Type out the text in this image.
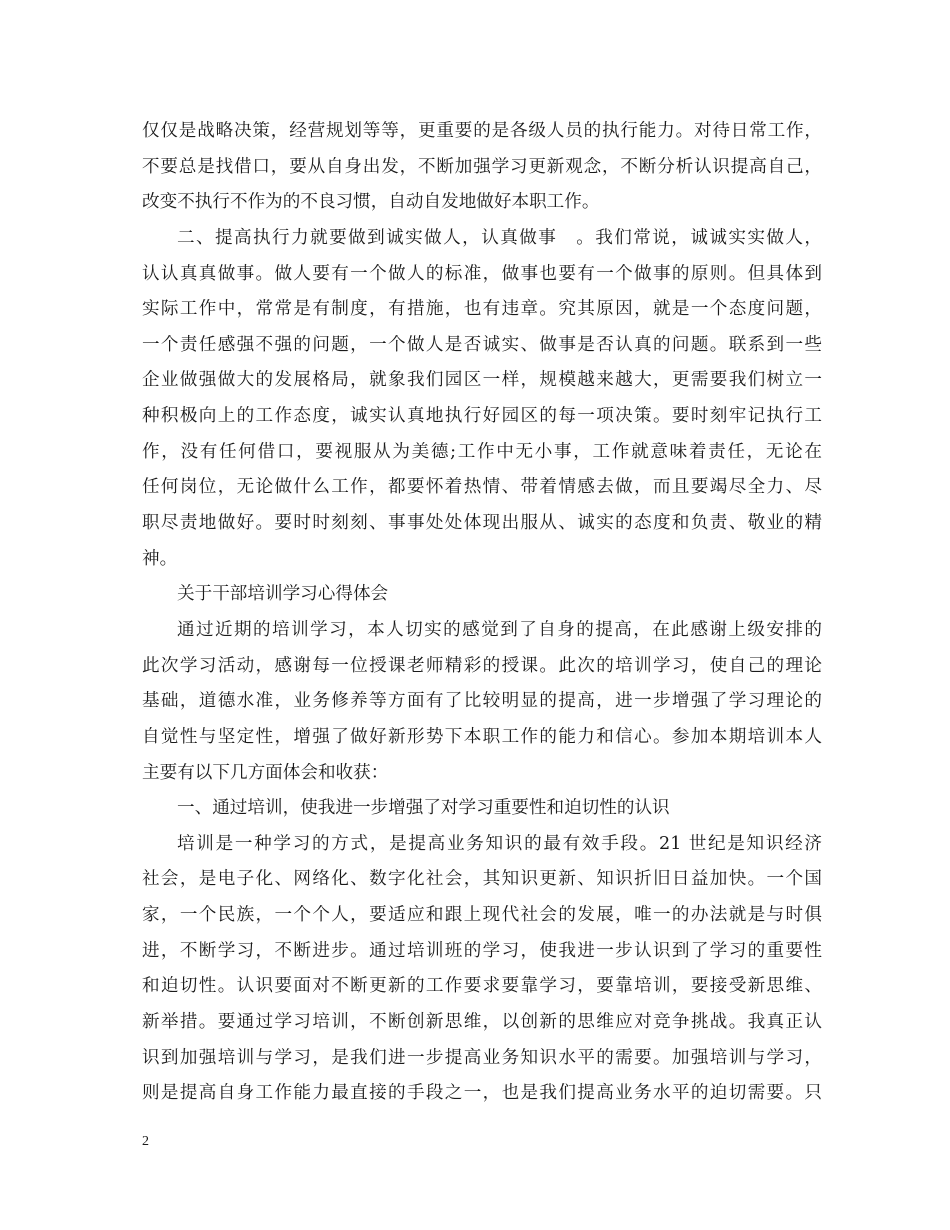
仅仅是战略决策，经营规划等等，更重要的是各级人员的执行能力。对待日常工作，
不要总是找借口，要从自身出发，不断加强学习更新观念，不断分析认识提高自己，
改变不执行不作为的不良习惯，自动自发地做好本职工作。
二、提高执行力就要做到诚实做人，认真做事　。我们常说，诚诚实实做人，
认认真真做事。做人要有一个做人的标准，做事也要有一个做事的原则。但具体到
实际工作中，常常是有制度，有措施，也有违章。究其原因，就是一个态度问题，
一个责任感强不强的问题，一个做人是否诚实、做事是否认真的问题。联系到一些
企业做强做大的发展格局，就象我们园区一样，规模越来越大，更需要我们树立一
种积极向上的工作态度，诚实认真地执行好园区的每一项决策。要时刻牢记执行工
作，没有任何借口，要视服从为美德;工作中无小事，工作就意味着责任，无论在
任何岗位，无论做什么工作，都要怀着热情、带着情感去做，而且要竭尽全力、尽
职尽责地做好。要时时刻刻、事事处处体现出服从、诚实的态度和负责、敬业的精
神。
关于干部培训学习心得体会
通过近期的培训学习，本人切实的感觉到了自身的提高，在此感谢上级安排的
此次学习活动，感谢每一位授课老师精彩的授课。此次的培训学习，使自己的理论
基础，道德水准，业务修养等方面有了比较明显的提高，进一步增强了学习理论的
自觉性与坚定性，增强了做好新形势下本职工作的能力和信心。参加本期培训本人
主要有以下几方面体会和收获：
一、通过培训，使我进一步增强了对学习重要性和迫切性的认识
培训是一种学习的方式，是提高业务知识的最有效手段。21 世纪是知识经济
社会，是电子化、网络化、数字化社会，其知识更新、知识折旧日益加快。一个国
家，一个民族，一个个人，要适应和跟上现代社会的发展，唯一的办法就是与时俱
进，不断学习，不断进步。通过培训班的学习，使我进一步认识到了学习的重要性
和迫切性。认识要面对不断更新的工作要求要靠学习，要靠培训，要接受新思维、
新举措。要通过学习培训，不断创新思维，以创新的思维应对竞争挑战。我真正认
识到加强培训与学习，是我们进一步提高业务知识水平的需要。加强培训与学习，
则是提高自身工作能力最直接的手段之一，也是我们提高业务水平的迫切需要。只
2
